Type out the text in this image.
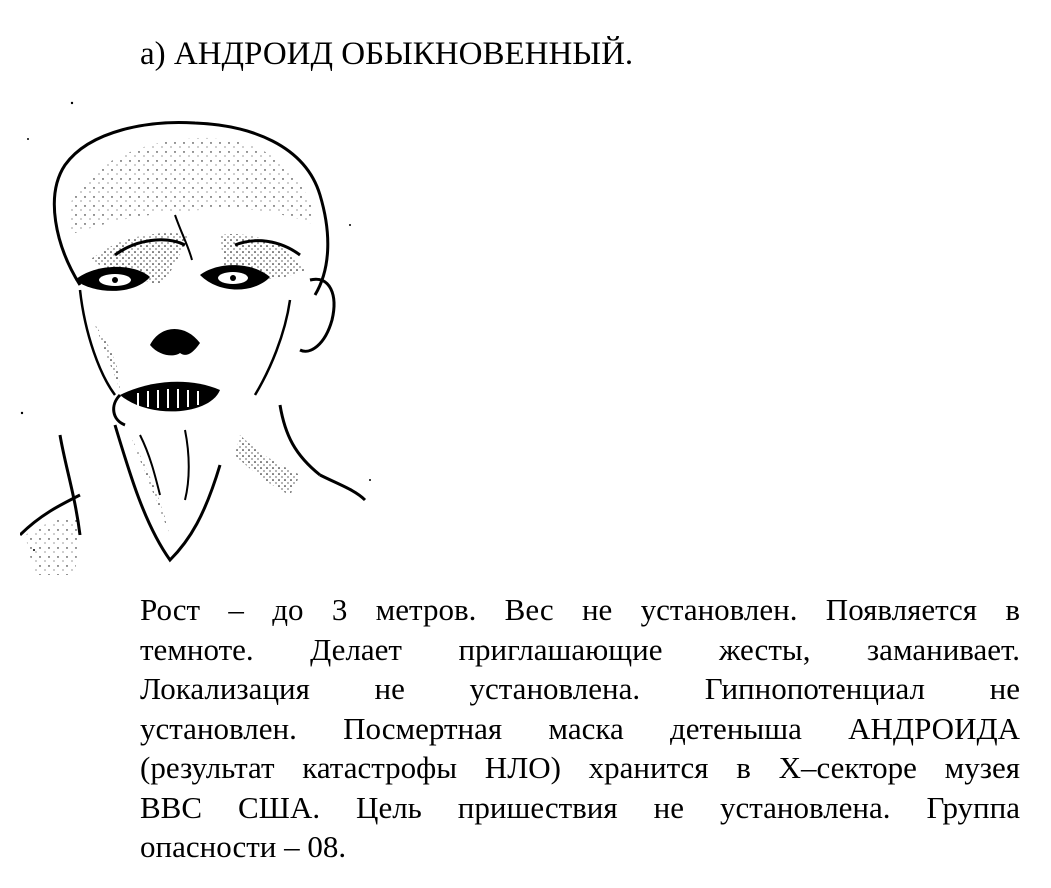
а) АНДРОИД ОБЫКНОВЕННЫЙ.
Рост – до 3 метров. Вес не установлен. Появляется в
темноте. Делает приглашающие жесты, заманивает.
Локализация не установлена. Гипнопотенциал не
установлен. Посмертная маска детеныша АНДРОИДА
(результат катастрофы НЛО) хранится в Х–секторе музея
ВВС США. Цель пришествия не установлена. Группа
опасности – 08.
